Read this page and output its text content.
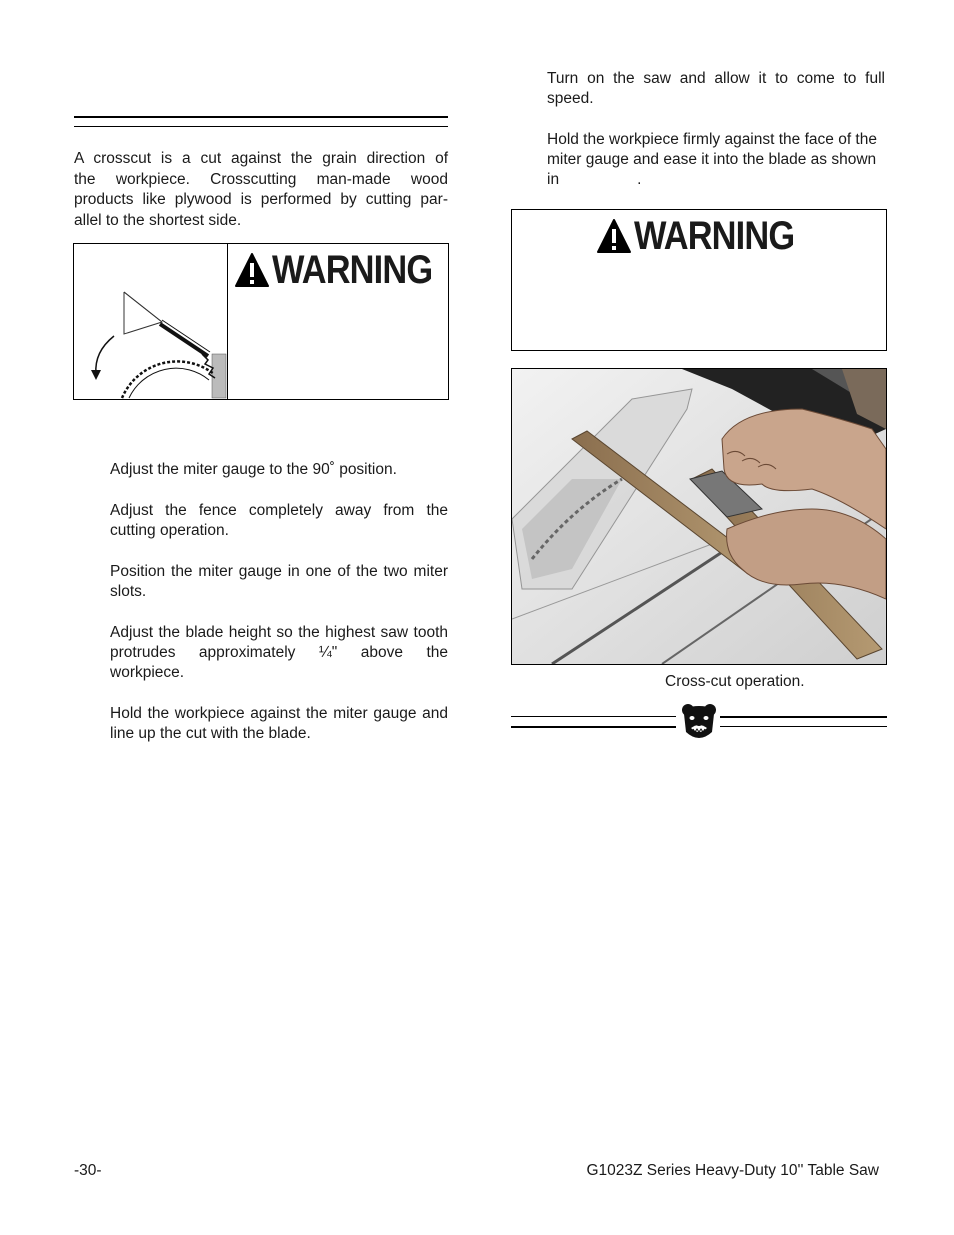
A crosscut is a cut against the grain direction of
the workpiece. Crosscutting man-made wood
products like plywood is performed by cutting par-
allel to the shortest side.
WARNING

Adjust the miter gauge to the 90˚ position.

Adjust the fence completely away from the cutting operation.

Position the miter gauge in one of the two miter slots.

Adjust the blade height so the highest saw tooth protrudes approximately ¼" above the workpiece.

Hold the workpiece against the miter gauge and line up the cut with the blade.

Turn on the saw and allow it to come to full speed.

Hold the workpiece firmly against the face of the miter gauge and ease it into the blade as shown in	.
WARNING
Cross-cut operation.
-30-	G1023Z Series Heavy-Duty 10'' Table Saw
